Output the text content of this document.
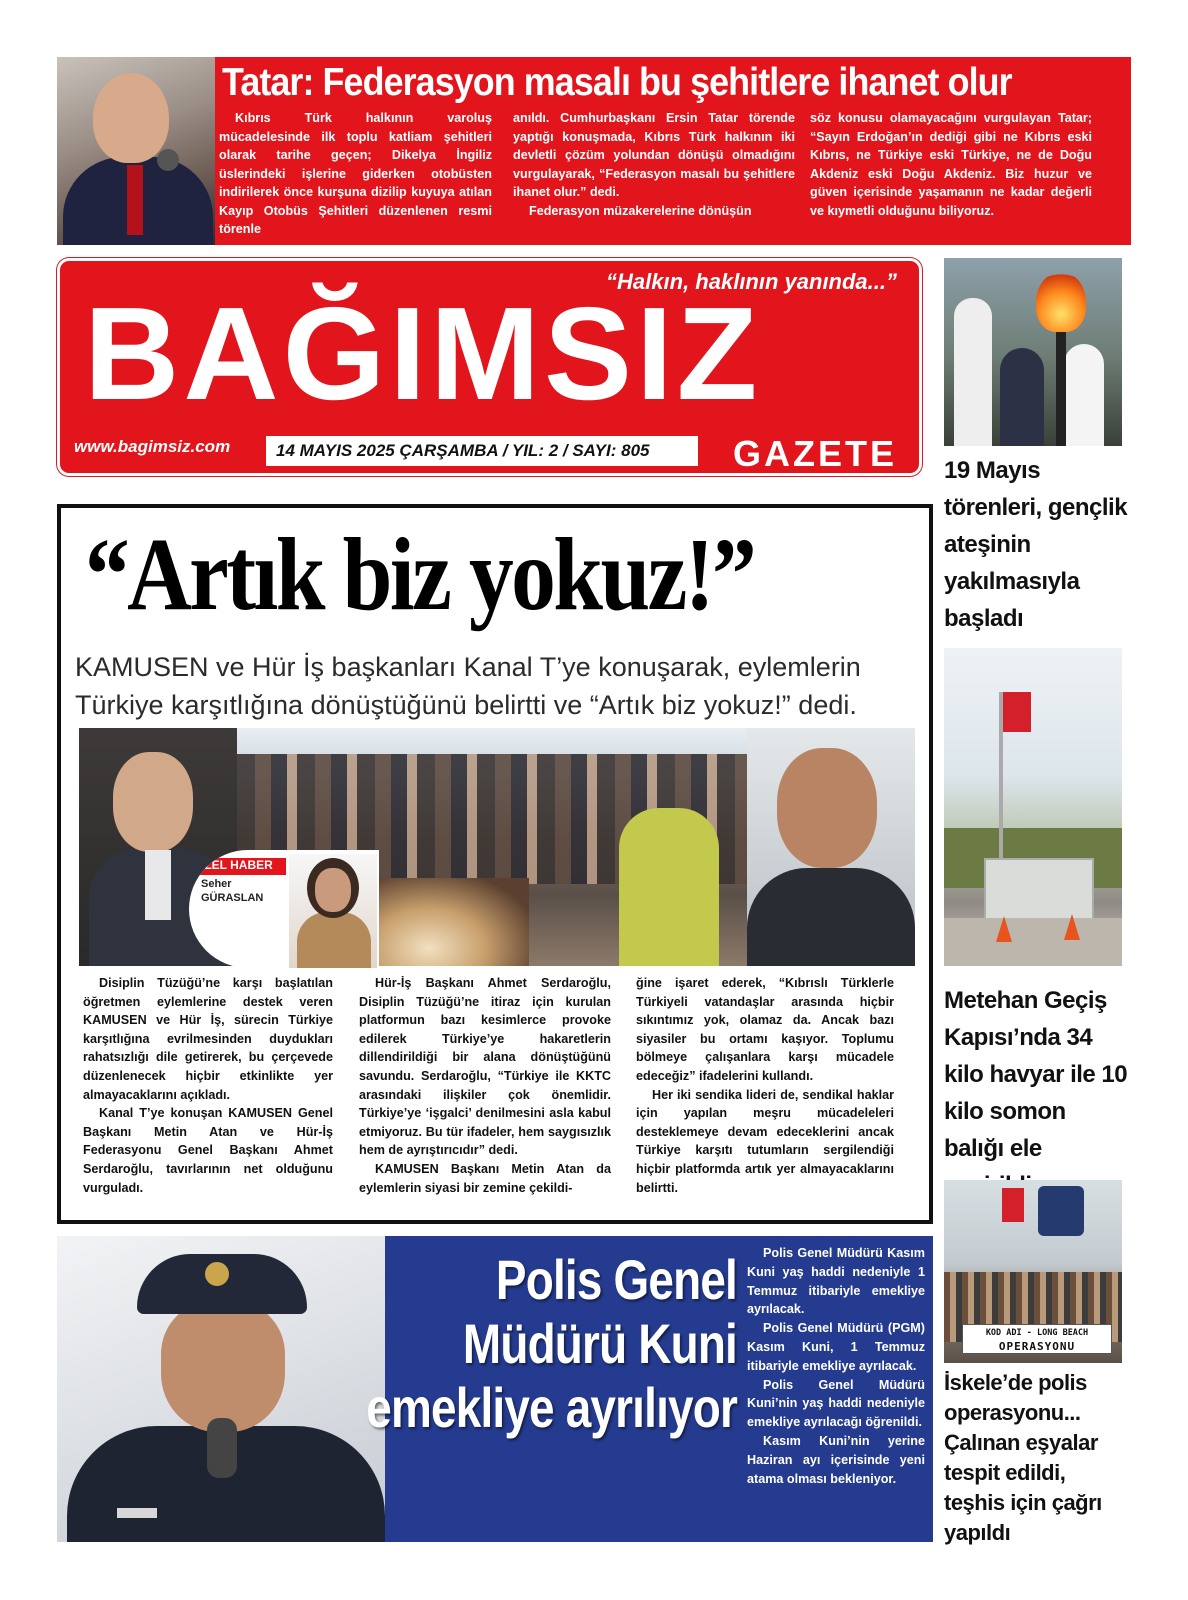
Tatar: Federasyon masalı bu şehitlere ihanet olur
Kıbrıs Türk halkının varoluş mücadelesinde ilk toplu katliam şehitleri olarak tarihe geçen; Dikelya İngiliz üslerindeki işlerine giderken otobüsten indirilerek önce kurşuna dizilip kuyuya atılan Kayıp Otobüs Şehitleri düzenlenen resmi törenle

anıldı. Cumhurbaşkanı Ersin Tatar törende yaptığı konuşmada, Kıbrıs Türk halkının iki devletli çözüm yolundan dönüşü olmadığını vurgulayarak, “Federasyon masalı bu şehitlere ihanet olur.” dedi.

Federasyon müzakerelerine dönüşün

söz konusu olamayacağını vurgulayan Tatar; “Sayın Erdoğan’ın dediği gibi ne Kıbrıs eski Kıbrıs, ne Türkiye eski Türkiye, ne de Doğu Akdeniz eski Doğu Akdeniz. Biz huzur ve güven içerisinde yaşamanın ne kadar değerli ve kıymetli olduğunu biliyoruz.
“Halkın, haklının yanında...”
BAĞIMSIZ
www.bagimsiz.com	14 MAYIS 2025 ÇARŞAMBA / YIL: 2 / SAYI: 805	GAZETE
“Artık biz yokuz!”
KAMUSEN ve Hür İş başkanları Kanal T’ye konuşarak, eylemlerin Türkiye karşıtlığına dönüştüğünü belirtti ve “Artık biz yokuz!” dedi.
ÖZEL HABER
Seher
GÜRASLAN

Disiplin Tüzüğü’ne karşı başlatılan öğretmen eylemlerine destek veren KAMUSEN ve Hür İş, sürecin Türkiye karşıtlığına evrilmesinden duydukları rahatsızlığı dile getirerek, bu çerçevede düzenlenecek hiçbir etkinlikte yer almayacaklarını açıkladı.

Kanal T’ye konuşan KAMUSEN Genel Başkanı Metin Atan ve Hür-İş Federasyonu Genel Başkanı Ahmet Serdaroğlu, tavırlarının net olduğunu vurguladı.

Hür-İş Başkanı Ahmet Serdaroğlu, Disiplin Tüzüğü’ne itiraz için kurulan platformun bazı kesimlerce provoke edilerek Türkiye’ye hakaretlerin dillendirildiği bir alana dönüştüğünü savundu. Serdaroğlu, “Türkiye ile KKTC arasındaki ilişkiler çok önemlidir. Türkiye’ye ‘işgalci’ denilmesini asla kabul etmiyoruz. Bu tür ifadeler, hem saygısızlık hem de ayrıştırıcıdır” dedi.

KAMUSEN Başkanı Metin Atan da eylemlerin siyasi bir zemine çekildi-

ğine işaret ederek, “Kıbrıslı Türklerle Türkiyeli vatandaşlar arasında hiçbir sıkıntımız yok, olamaz da. Ancak bazı siyasiler bu ortamı kaşıyor. Toplumu bölmeye çalışanlara karşı mücadele edeceğiz” ifadelerini kullandı.

Her iki sendika lideri de, sendikal haklar için yapılan meşru mücadeleleri desteklemeye devam edeceklerini ancak Türkiye karşıtı tutumların sergilendiği hiçbir platformda artık yer almayacaklarını belirtti.

Polis Genel Müdürü Kuni emekliye ayrılıyor

Polis Genel Müdürü Kasım Kuni yaş haddi nedeniyle 1 Temmuz itibariyle emekliye ayrılacak.

Polis Genel Müdürü (PGM) Kasım Kuni, 1 Temmuz itibariyle emekliye ayrılacak.

Polis Genel Müdürü Kuni’nin yaş haddi nedeniyle emekliye ayrılacağı öğrenildi.

Kasım Kuni’nin yerine Haziran ayı içerisinde yeni atama olması bekleniyor.

19 Mayıs törenleri, gençlik ateşinin yakılmasıyla başladı
Metehan Geçiş Kapısı’nda 34 kilo havyar ile 10 kilo somon balığı ele
KOD ADI - LONG BEACH
OPERASYONU
İskele’de polis operasyonu... Çalınan eşyalar tespit edildi, teşhis için çağrı yapıldı
